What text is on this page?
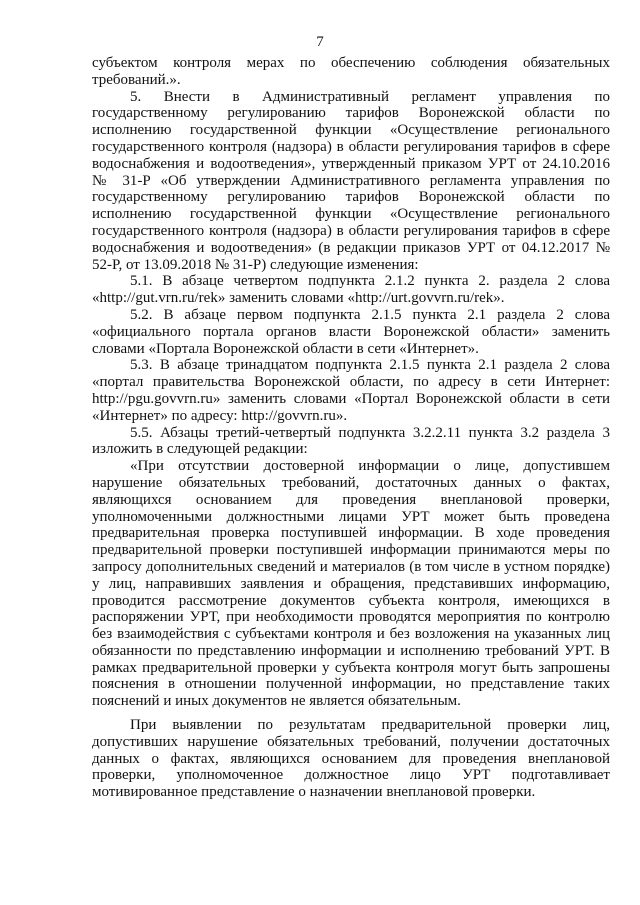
7

субъектом контроля мерах по обеспечению соблюдения обязательных требований.».

5. Внести в Административный регламент управления по государственному регулированию тарифов Воронежской области по исполнению государственной функции «Осуществление регионального государственного контроля (надзора) в области регулирования тарифов в сфере водоснабжения и водоотведения», утвержденный приказом УРТ от 24.10.2016 № 31-Р «Об утверждении Административного регламента управления по государственному регулированию тарифов Воронежской области по исполнению государственной функции «Осуществление регионального государственного контроля (надзора) в области регулирования тарифов в сфере водоснабжения и водоотведения» (в редакции приказов УРТ от 04.12.2017 № 52-Р, от 13.09.2018 № 31-Р) следующие изменения:

5.1. В абзаце четвертом подпункта 2.1.2 пункта 2. раздела 2 слова «http://gut.vrn.ru/rek» заменить словами «http://urt.govvrn.ru/rek».

5.2. В абзаце первом подпункта 2.1.5 пункта 2.1 раздела 2 слова «официального портала органов власти Воронежской области» заменить словами «Портала Воронежской области в сети «Интернет».

5.3. В абзаце тринадцатом подпункта 2.1.5 пункта 2.1 раздела 2 слова «портал правительства Воронежской области, по адресу в сети Интернет: http://pgu.govvrn.ru» заменить словами «Портал Воронежской области в сети «Интернет» по адресу: http://govvrn.ru».

5.5. Абзацы третий-четвертый подпункта 3.2.2.11 пункта 3.2 раздела 3 изложить в следующей редакции:

«При отсутствии достоверной информации о лице, допустившем нарушение обязательных требований, достаточных данных о фактах, являющихся основанием для проведения внеплановой проверки, уполномоченными должностными лицами УРТ может быть проведена предварительная проверка поступившей информации. В ходе проведения предварительной проверки поступившей информации принимаются меры по запросу дополнительных сведений и материалов (в том числе в устном порядке) у лиц, направивших заявления и обращения, представивших информацию, проводится рассмотрение документов субъекта контроля, имеющихся в распоряжении УРТ, при необходимости проводятся мероприятия по контролю без взаимодействия с субъектами контроля и без возложения на указанных лиц обязанности по представлению информации и исполнению требований УРТ. В рамках предварительной проверки у субъекта контроля могут быть запрошены пояснения в отношении полученной информации, но представление таких пояснений и иных документов не является обязательным.

При выявлении по результатам предварительной проверки лиц, допустивших нарушение обязательных требований, получении достаточных данных о фактах, являющихся основанием для проведения внеплановой проверки, уполномоченное должностное лицо УРТ подготавливает мотивированное представление о назначении внеплановой проверки.
